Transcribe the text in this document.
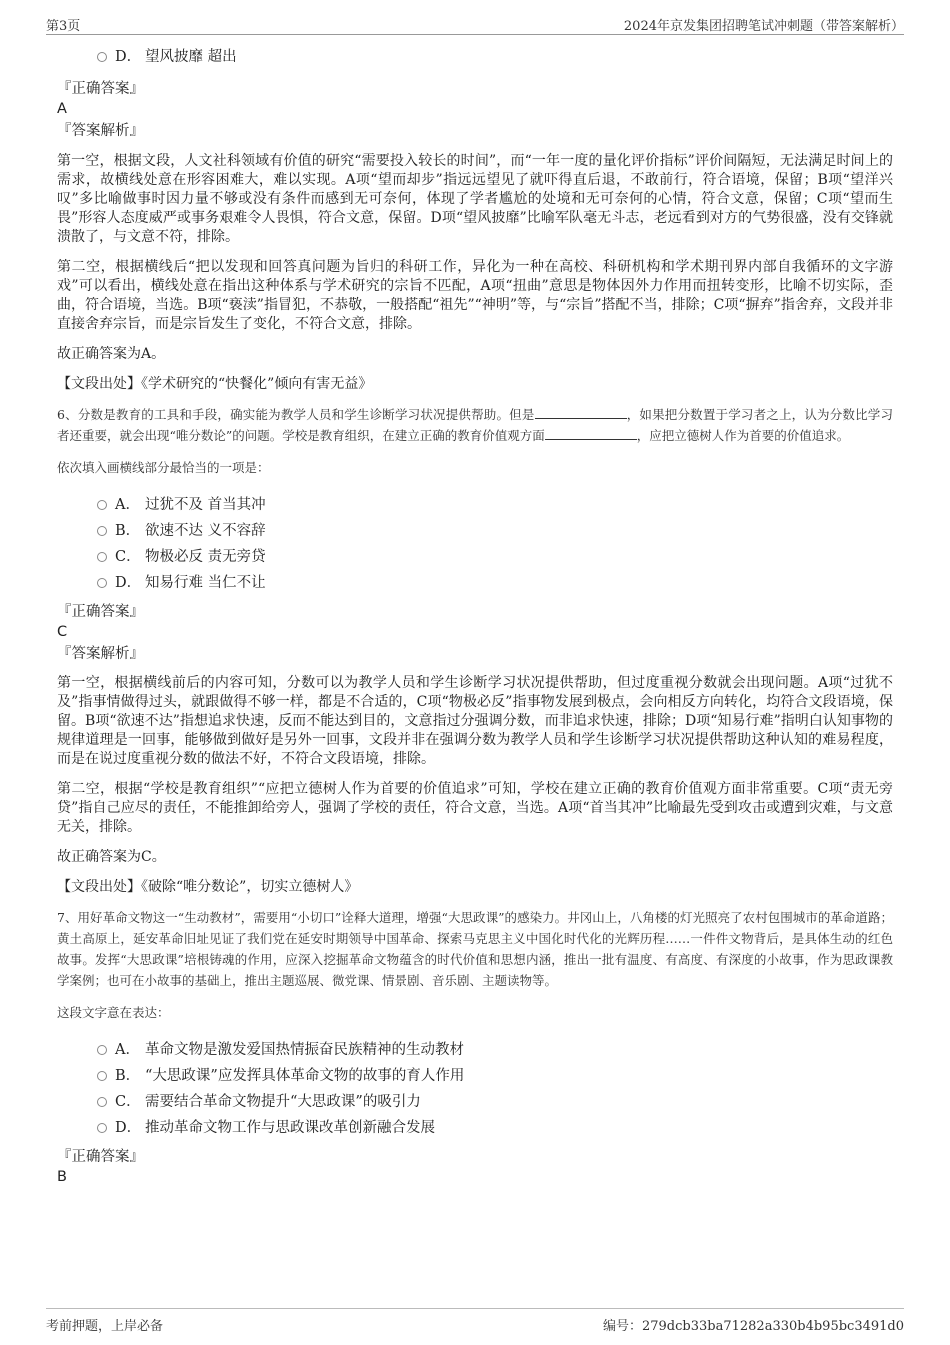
第3页	2024年京发集团招聘笔试冲刺题（带答案解析）
D． 望风披靡 超出
『正确答案』
A
『答案解析』

第一空，根据文段，人文社科领域有价值的研究“需要投入较长的时间”，而“一年一度的量化评价指标”评价间隔短，无法满足时间上的需求，故横线处意在形容困难大，难以实现。A项“望而却步”指远远望见了就吓得直后退，不敢前行，符合语境，保留；B项“望洋兴叹”多比喻做事时因力量不够或没有条件而感到无可奈何，体现了学者尴尬的处境和无可奈何的心情，符合文意，保留；C项“望而生畏”形容人态度威严或事务艰难令人畏惧，符合文意，保留。D项“望风披靡”比喻军队毫无斗志，老远看到对方的气势很盛，没有交锋就溃散了，与文意不符，排除。

第二空，根据横线后“把以发现和回答真问题为旨归的科研工作，异化为一种在高校、科研机构和学术期刊界内部自我循环的文字游戏”可以看出，横线处意在指出这种体系与学术研究的宗旨不匹配，A项“扭曲”意思是物体因外力作用而扭转变形，比喻不切实际，歪曲，符合语境，当选。B项“亵渎”指冒犯，不恭敬，一般搭配“祖先”“神明”等，与“宗旨”搭配不当，排除；C项“摒弃”指舍弃，文段并非直接舍弃宗旨，而是宗旨发生了变化，不符合文意，排除。

故正确答案为A。

【文段出处】《学术研究的“快餐化”倾向有害无益》

6、分数是教育的工具和手段，确实能为教学人员和学生诊断学习状况提供帮助。但是	，如果把分数置于学习者之上，认为分数比学习者还重要，就会出现“唯分数论”的问题。学校是教育组织，在建立正确的教育价值观方面	，应把立德树人作为首要的价值追求。

依次填入画横线部分最恰当的一项是：

A． 过犹不及 首当其冲
B． 欲速不达 义不容辞
C． 物极必反 责无旁贷
D． 知易行难 当仁不让
『正确答案』
C
『答案解析』

第一空，根据横线前后的内容可知，分数可以为教学人员和学生诊断学习状况提供帮助，但过度重视分数就会出现问题。A项“过犹不及”指事情做得过头，就跟做得不够一样，都是不合适的，C项“物极必反”指事物发展到极点，会向相反方向转化，均符合文段语境，保留。B项“欲速不达”指想追求快速，反而不能达到目的，文意指过分强调分数，而非追求快速，排除；D项“知易行难”指明白认知事物的规律道理是一回事，能够做到做好是另外一回事，文段并非在强调分数为教学人员和学生诊断学习状况提供帮助这种认知的难易程度，而是在说过度重视分数的做法不好，不符合文段语境，排除。

第二空，根据“学校是教育组织”“应把立德树人作为首要的价值追求”可知，学校在建立正确的教育价值观方面非常重要。C项“责无旁贷”指自己应尽的责任，不能推卸给旁人，强调了学校的责任，符合文意，当选。A项“首当其冲”比喻最先受到攻击或遭到灾难，与文意无关，排除。

故正确答案为C。

【文段出处】《破除“唯分数论”，切实立德树人》

7、用好革命文物这一“生动教材”，需要用“小切口”诠释大道理，增强“大思政课”的感染力。井冈山上，八角楼的灯光照亮了农村包围城市的革命道路；黄土高原上，延安革命旧址见证了我们党在延安时期领导中国革命、探索马克思主义中国化时代化的光辉历程……一件件文物背后，是具体生动的红色故事。发挥“大思政课”培根铸魂的作用，应深入挖掘革命文物蕴含的时代价值和思想内涵，推出一批有温度、有高度、有深度的小故事，作为思政课教学案例；也可在小故事的基础上，推出主题巡展、微党课、情景剧、音乐剧、主题读物等。

这段文字意在表达：

A． 革命文物是激发爱国热情振奋民族精神的生动教材
B． “大思政课”应发挥具体革命文物的故事的育人作用
C． 需要结合革命文物提升“大思政课”的吸引力
D． 推动革命文物工作与思政课改革创新融合发展
『正确答案』
B
考前押题，上岸必备	编号：279dcb33ba71282a330b4b95bc3491d0
